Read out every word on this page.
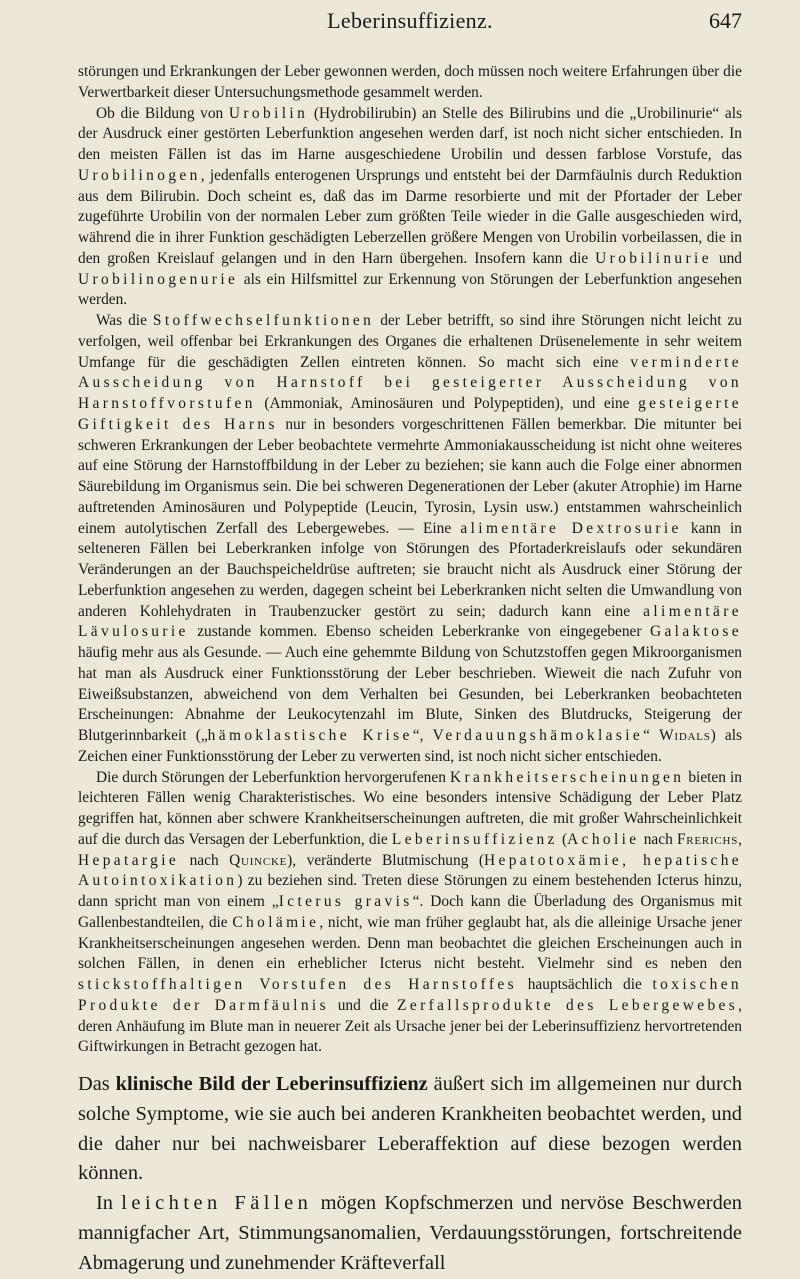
Leberinsuffizienz.	647

störungen und Erkrankungen der Leber gewonnen werden, doch müssen noch weitere Erfahrungen über die Verwertbarkeit dieser Untersuchungsmethode gesammelt werden.

Ob die Bildung von Urobilin (Hydrobilirubin) an Stelle des Bilirubins und die „Urobilinurie“ als der Ausdruck einer gestörten Leberfunktion angesehen werden darf, ist noch nicht sicher entschieden. In den meisten Fällen ist das im Harne ausgeschiedene Urobilin und dessen farblose Vorstufe, das Urobilinogen, jedenfalls enterogenen Ursprungs und entsteht bei der Darmfäulnis durch Reduktion aus dem Bilirubin. Doch scheint es, daß das im Darme resorbierte und mit der Pfortader der Leber zugeführte Urobilin von der normalen Leber zum größten Teile wieder in die Galle ausgeschieden wird, während die in ihrer Funktion geschädigten Leberzellen größere Mengen von Urobilin vorbeilassen, die in den großen Kreislauf gelangen und in den Harn übergehen. Insofern kann die Urobilinurie und Urobilinogenurie als ein Hilfsmittel zur Erkennung von Störungen der Leberfunktion angesehen werden.

Was die Stoffwechselfunktionen der Leber betrifft, so sind ihre Störungen nicht leicht zu verfolgen, weil offenbar bei Erkrankungen des Organes die erhaltenen Drüsenelemente in sehr weitem Umfange für die geschädigten Zellen eintreten können. So macht sich eine verminderte Ausscheidung von Harnstoff bei gesteigerter Ausscheidung von Harnstoffvorstufen (Ammoniak, Aminosäuren und Polypeptiden), und eine gesteigerte Giftigkeit des Harns nur in besonders vorgeschrittenen Fällen bemerkbar. Die mitunter bei schweren Erkrankungen der Leber beobachtete vermehrte Ammoniakausscheidung ist nicht ohne weiteres auf eine Störung der Harnstoffbildung in der Leber zu beziehen; sie kann auch die Folge einer abnormen Säurebildung im Organismus sein. Die bei schweren Degenerationen der Leber (akuter Atrophie) im Harne auftretenden Aminosäuren und Polypeptide (Leucin, Tyrosin, Lysin usw.) entstammen wahrscheinlich einem autolytischen Zerfall des Lebergewebes. — Eine alimentäre Dextrosurie kann in selteneren Fällen bei Leberkranken infolge von Störungen des Pfortaderkreislaufs oder sekundären Veränderungen an der Bauchspeicheldrüse auftreten; sie braucht nicht als Ausdruck einer Störung der Leberfunktion angesehen zu werden, dagegen scheint bei Leberkranken nicht selten die Umwandlung von anderen Kohlehydraten in Traubenzucker gestört zu sein; dadurch kann eine alimentäre Lävulosurie zustande kommen. Ebenso scheiden Leberkranke von eingegebener Galaktose häufig mehr aus als Gesunde. — Auch eine gehemmte Bildung von Schutzstoffen gegen Mikroorganismen hat man als Ausdruck einer Funktionsstörung der Leber beschrieben. Wieweit die nach Zufuhr von Eiweißsubstanzen, abweichend von dem Verhalten bei Gesunden, bei Leberkranken beobachteten Erscheinungen: Abnahme der Leukocytenzahl im Blute, Sinken des Blutdrucks, Steigerung der Blutgerinnbarkeit („hämoklastische Krise“, Verdauungshämoklasie“ Widals) als Zeichen einer Funktionsstörung der Leber zu verwerten sind, ist noch nicht sicher entschieden.

Die durch Störungen der Leberfunktion hervorgerufenen Krankheitserscheinungen bieten in leichteren Fällen wenig Charakteristisches. Wo eine besonders intensive Schädigung der Leber Platz gegriffen hat, können aber schwere Krankheitserscheinungen auftreten, die mit großer Wahrscheinlichkeit auf die durch das Versagen der Leberfunktion, die Leberinsuffizienz (Acholie nach Frerichs, Hepatargie nach Quincke), veränderte Blutmischung (Hepatotoxämie, hepatische Autointoxikation) zu beziehen sind. Treten diese Störungen zu einem bestehenden Icterus hinzu, dann spricht man von einem „Icterus gravis“. Doch kann die Überladung des Organismus mit Gallenbestandteilen, die Cholämie, nicht, wie man früher geglaubt hat, als die alleinige Ursache jener Krankheitserscheinungen angesehen werden. Denn man beobachtet die gleichen Erscheinungen auch in solchen Fällen, in denen ein erheblicher Icterus nicht besteht. Vielmehr sind es neben den stickstoffhaltigen Vorstufen des Harnstoffes hauptsächlich die toxischen Produkte der Darmfäulnis und die Zerfallsprodukte des Lebergewebes, deren Anhäufung im Blute man in neuerer Zeit als Ursache jener bei der Leberinsuffizienz hervortretenden Giftwirkungen in Betracht gezogen hat.

Das klinische Bild der Leberinsuffizienz äußert sich im allgemeinen nur durch solche Symptome, wie sie auch bei anderen Krankheiten beobachtet werden, und die daher nur bei nachweisbarer Leberaffektion auf diese bezogen werden können.

In leichten Fällen mögen Kopfschmerzen und nervöse Beschwerden mannigfacher Art, Stimmungsanomalien, Verdauungsstörungen, fortschreitende Abmagerung und zunehmender Kräfteverfall
